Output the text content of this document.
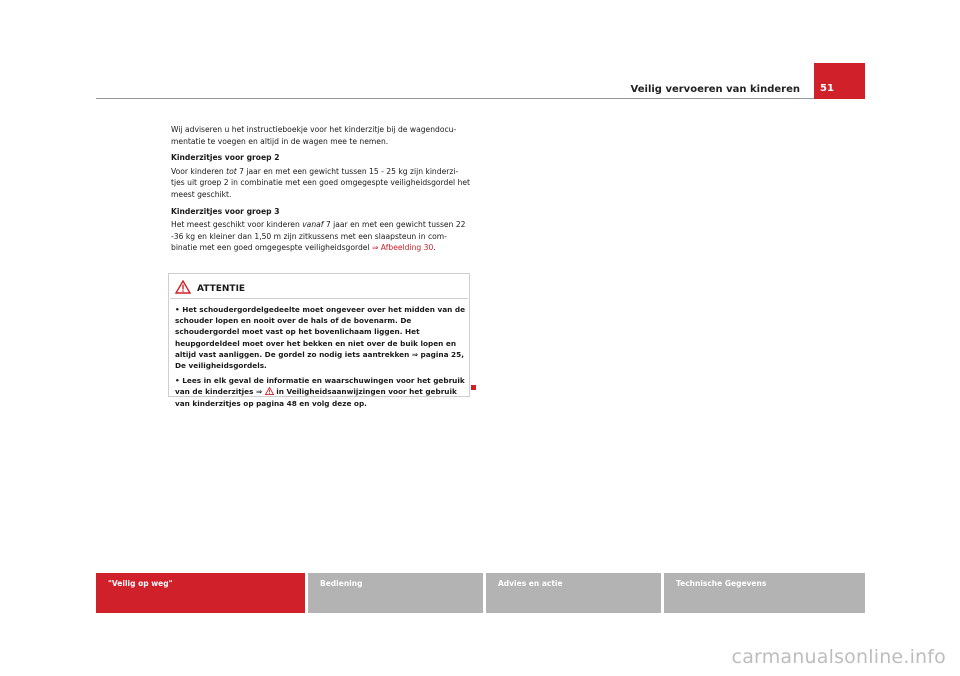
Veilig vervoeren van kinderen	51

Wij adviseren u het instructieboekje voor het kinderzitje bij de wagendocu-mentatie te voegen en altijd in de wagen mee te nemen.

Kinderzitjes voor groep 2

Voor kinderen tot 7 jaar en met een gewicht tussen 15 - 25 kg zijn kinderzi-tjes uit groep 2 in combinatie met een goed omgegespte veiligheidsgordel het meest geschikt.

Kinderzitjes voor groep 3

Het meest geschikt voor kinderen vanaf 7 jaar en met een gewicht tussen 22 -36 kg en kleiner dan 1,50 m zijn zitkussens met een slaapsteun in com-binatie met een goed omgegespte veiligheidsgordel ⇒ Afbeelding 30.

ATTENTIE

• Het schoudergordelgedeelte moet ongeveer over het midden van de schouder lopen en nooit over de hals of de bovenarm. De schoudergordel moet vast op het bovenlichaam liggen. Het heupgordeldeel moet over het bekken en niet over de buik lopen en altijd vast aanliggen. De gordel zo nodig iets aantrekken ⇒ pagina 25, De veiligheidsgordels.

• Lees in elk geval de informatie en waarschuwingen voor het gebruik van de kinderzitjes ⇒  in Veiligheidsaanwijzingen voor het gebruik van kinderzitjes op pagina 48 en volg deze op.

"Veilig op weg"	Bediening	Advies en actie	Technische Gegevens
carmanualsonline.info
